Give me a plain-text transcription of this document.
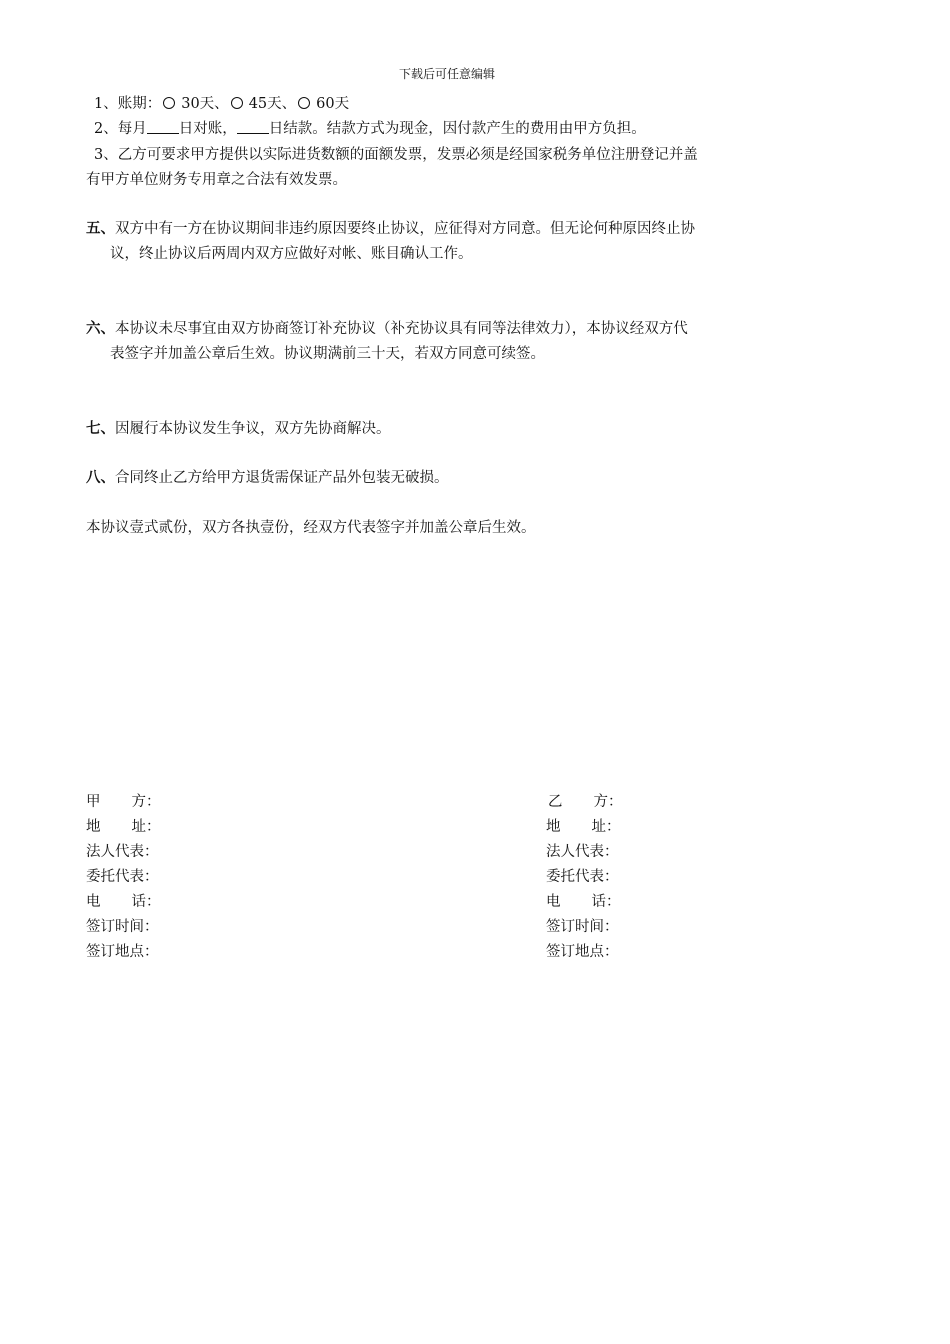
下载后可任意编辑
1、账期： 30天、 45天、 60天
2、每月 日对账， 日结款。结款方式为现金，因付款产生的费用由甲方负担。
3、乙方可要求甲方提供以实际进货数额的面额发票，发票必须是经国家税务单位注册登记并盖
有甲方单位财务专用章之合法有效发票。
五、双方中有一方在协议期间非违约原因要终止协议，应征得对方同意。但无论何种原因终止协
议，终止协议后两周内双方应做好对帐、账目确认工作。
六、本协议未尽事宜由双方协商签订补充协议（补充协议具有同等法律效力），本协议经双方代
表签字并加盖公章后生效。协议期满前三十天，若双方同意可续签。
七、因履行本协议发生争议，双方先协商解决。
八、合同终止乙方给甲方退货需保证产品外包装无破损。
本协议壹式贰份，双方各执壹份，经双方代表签字并加盖公章后生效。
甲方：
地址：
法人代表：
委托代表：
电话：
签订时间：
签订地点：
乙方：
地址：
法人代表：
委托代表：
电话：
签订时间：
签订地点：
